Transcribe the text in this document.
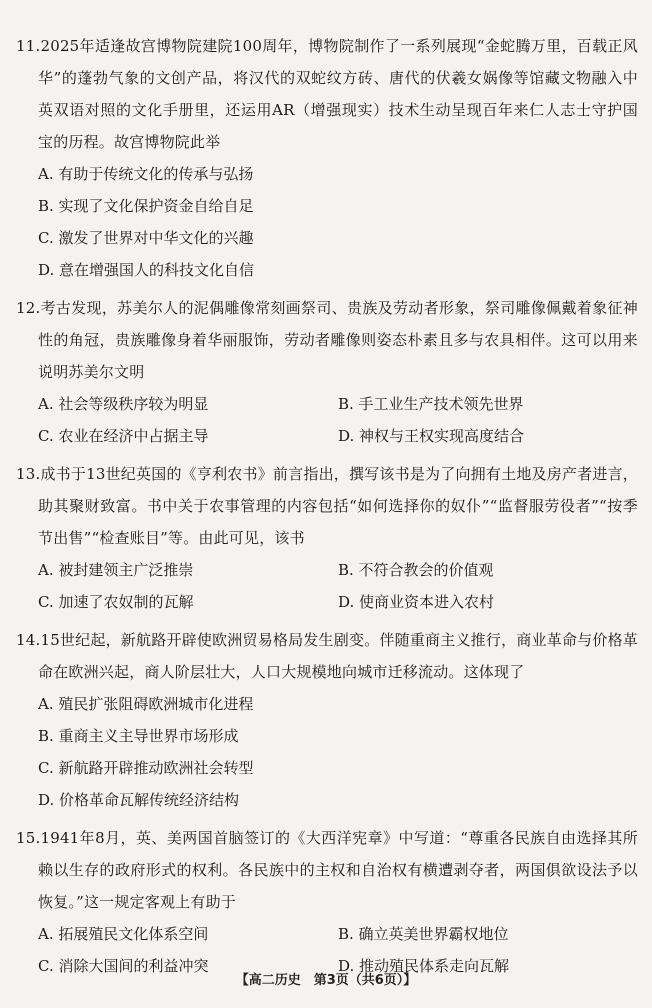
11.2025年适逢故宫博物院建院100周年，博物院制作了一系列展现“金蛇腾万里，百载正风华”的蓬勃气象的文创产品，将汉代的双蛇纹方砖、唐代的伏羲女娲像等馆藏文物融入中英双语对照的文化手册里，还运用AR（增强现实）技术生动呈现百年来仁人志士守护国宝的历程。故宫博物院此举
A. 有助于传统文化的传承与弘扬
B. 实现了文化保护资金自给自足
C. 激发了世界对中华文化的兴趣
D. 意在增强国人的科技文化自信
12.考古发现，苏美尔人的泥偶雕像常刻画祭司、贵族及劳动者形象，祭司雕像佩戴着象征神性的角冠，贵族雕像身着华丽服饰，劳动者雕像则姿态朴素且多与农具相伴。这可以用来说明苏美尔文明
A. 社会等级秩序较为明显	B. 手工业生产技术领先世界
C. 农业在经济中占据主导	D. 神权与王权实现高度结合
13.成书于13世纪英国的《亨利农书》前言指出，撰写该书是为了向拥有土地及房产者进言，助其聚财致富。书中关于农事管理的内容包括“如何选择你的奴仆”“监督服劳役者”“按季节出售”“检查账目”等。由此可见，该书
A. 被封建领主广泛推崇	B. 不符合教会的价值观
C. 加速了农奴制的瓦解	D. 使商业资本进入农村
14.15世纪起，新航路开辟使欧洲贸易格局发生剧变。伴随重商主义推行，商业革命与价格革命在欧洲兴起，商人阶层壮大，人口大规模地向城市迁移流动。这体现了
A. 殖民扩张阻碍欧洲城市化进程
B. 重商主义主导世界市场形成
C. 新航路开辟推动欧洲社会转型
D. 价格革命瓦解传统经济结构
15.1941年8月，英、美两国首脑签订的《大西洋宪章》中写道：“尊重各民族自由选择其所赖以生存的政府形式的权利。各民族中的主权和自治权有横遭剥夺者，两国俱欲设法予以恢复。”这一规定客观上有助于
A. 拓展殖民文化体系空间	B. 确立英美世界霸权地位
C. 消除大国间的利益冲突	D. 推动殖民体系走向瓦解
【高二历史　第3页（共6页）】
